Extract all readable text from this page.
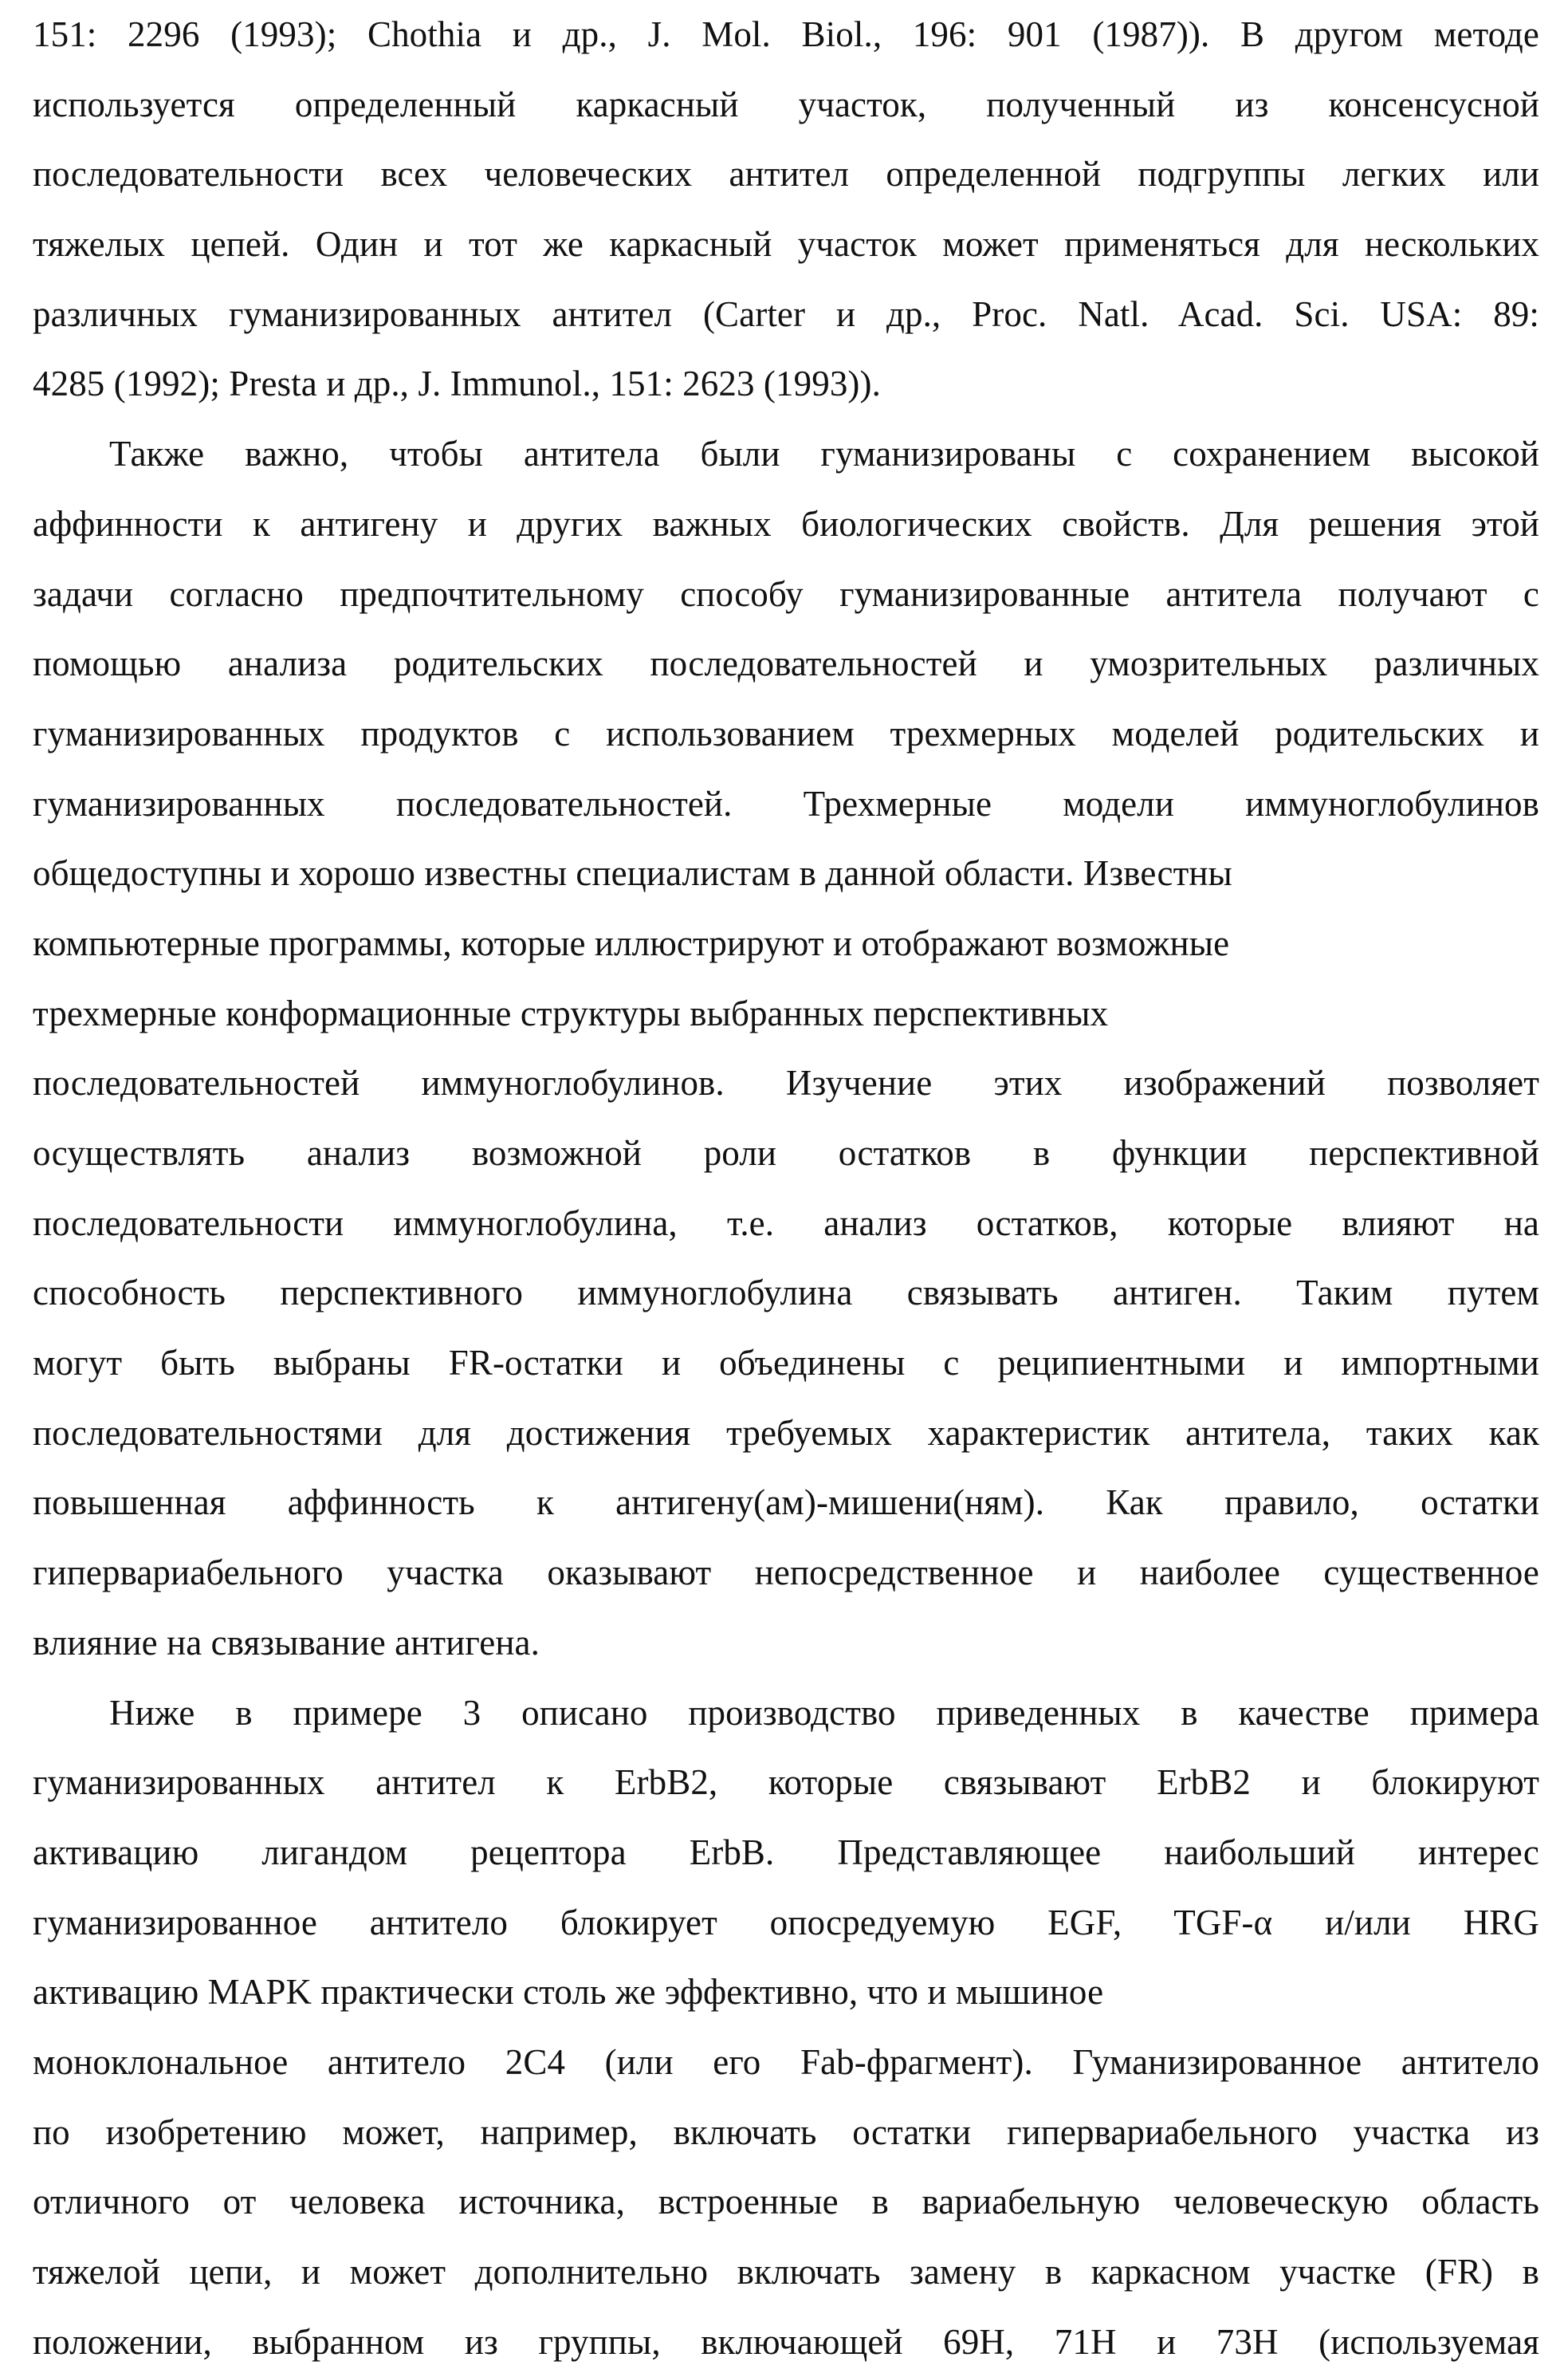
151: 2296 (1993); Chothia и др., J. Mol. Biol., 196: 901 (1987)). В другом методе
используется определенный каркасный участок, полученный из консенсусной
последовательности всех человеческих антител определенной подгруппы легких или
тяжелых цепей. Один и тот же каркасный участок может применяться для нескольких
различных гуманизированных антител (Carter и др., Proc. Natl. Acad. Sci. USA: 89:
4285 (1992); Presta и др., J. Immunol., 151: 2623 (1993)).
Также важно, чтобы антитела были гуманизированы с сохранением высокой
аффинности к антигену и других важных биологических свойств. Для решения этой
задачи согласно предпочтительному способу гуманизированные антитела получают с
помощью анализа родительских последовательностей и умозрительных различных
гуманизированных продуктов с использованием трехмерных моделей родительских и
гуманизированных последовательностей. Трехмерные модели иммуноглобулинов
общедоступны и хорошо известны специалистам в данной области. Известны
компьютерные программы, которые иллюстрируют и отображают возможные
трехмерные конформационные структуры выбранных перспективных
последовательностей иммуноглобулинов. Изучение этих изображений позволяет
осуществлять анализ возможной роли остатков в функции перспективной
последовательности иммуноглобулина, т.е. анализ остатков, которые влияют на
способность перспективного иммуноглобулина связывать антиген. Таким путем
могут быть выбраны FR-остатки и объединены с реципиентными и импортными
последовательностями для достижения требуемых характеристик антитела, таких как
повышенная аффинность к антигену(ам)-мишени(ням). Как правило, остатки
гипервариабельного участка оказывают непосредственное и наиболее существенное
влияние на связывание антигена.
Ниже в примере 3 описано производство приведенных в качестве примера
гуманизированных антител к ErbB2, которые связывают ErbB2 и блокируют
активацию лигандом рецептора ErbB. Представляющее наибольший интерес
гуманизированное антитело блокирует опосредуемую EGF, TGF-α и/или HRG
активацию MAPK практически столь же эффективно, что и мышиное
моноклональное антитело 2C4 (или его Fab-фрагмент). Гуманизированное антитело
по изобретению может, например, включать остатки гипервариабельного участка из
отличного от человека источника, встроенные в вариабельную человеческую область
тяжелой цепи, и может дополнительно включать замену в каркасном участке (FR) в
положении, выбранном из группы, включающей 69H, 71H и 73H (используемая
